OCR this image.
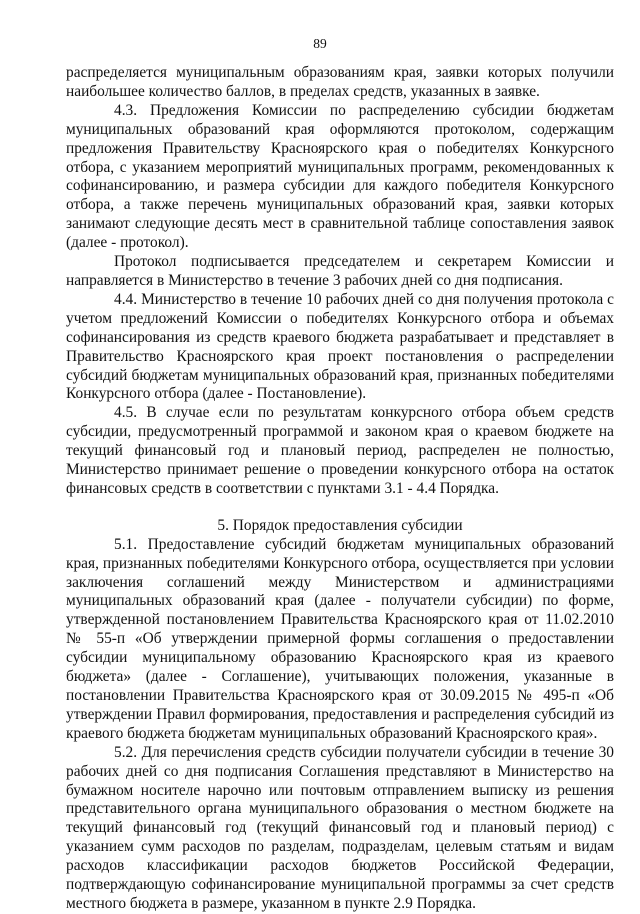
89

распределяется муниципальным образованиям края, заявки которых получили наибольшее количество баллов, в пределах средств, указанных в заявке.

4.3. Предложения Комиссии по распределению субсидии бюджетам муниципальных образований края оформляются протоколом, содержащим предложения Правительству Красноярского края о победителях Конкурсного отбора, с указанием мероприятий муниципальных программ, рекомендованных к софинансированию, и размера субсидии для каждого победителя Конкурсного отбора, а также перечень муниципальных образований края, заявки которых занимают следующие десять мест в сравнительной таблице сопоставления заявок (далее - протокол).

Протокол подписывается председателем и секретарем Комиссии и направляется в Министерство в течение 3 рабочих дней со дня подписания.

4.4. Министерство в течение 10 рабочих дней со дня получения протокола с учетом предложений Комиссии о победителях Конкурсного отбора и объемах софинансирования из средств краевого бюджета разрабатывает и представляет в Правительство Красноярского края проект постановления о распределении субсидий бюджетам муниципальных образований края, признанных победителями Конкурсного отбора (далее - Постановление).

4.5. В случае если по результатам конкурсного отбора объем средств субсидии, предусмотренный программой и законом края о краевом бюджете на текущий финансовый год и плановый период, распределен не полностью, Министерство принимает решение о проведении конкурсного отбора на остаток финансовых средств в соответствии с пунктами 3.1 - 4.4 Порядка.

5. Порядок предоставления субсидии

5.1. Предоставление субсидий бюджетам муниципальных образований края, признанных победителями Конкурсного отбора, осуществляется при условии заключения соглашений между Министерством и администрациями муниципальных образований края (далее - получатели субсидии) по форме, утвержденной постановлением Правительства Красноярского края от 11.02.2010 № 55-п «Об утверждении примерной формы соглашения о предоставлении субсидии муниципальному образованию Красноярского края из краевого бюджета» (далее - Соглашение), учитывающих положения, указанные в постановлении Правительства Красноярского края от 30.09.2015 № 495-п «Об утверждении Правил формирования, предоставления и распределения субсидий из краевого бюджета бюджетам муниципальных образований Красноярского края».

5.2. Для перечисления средств субсидии получатели субсидии в течение 30 рабочих дней со дня подписания Соглашения представляют в Министерство на бумажном носителе нарочно или почтовым отправлением выписку из решения представительного органа муниципального образования о местном бюджете на текущий финансовый год (текущий финансовый год и плановый период) с указанием сумм расходов по разделам, подразделам, целевым статьям и видам расходов классификации расходов бюджетов Российской Федерации, подтверждающую софинансирование муниципальной программы за счет средств местного бюджета в размере, указанном в пункте 2.9 Порядка.
